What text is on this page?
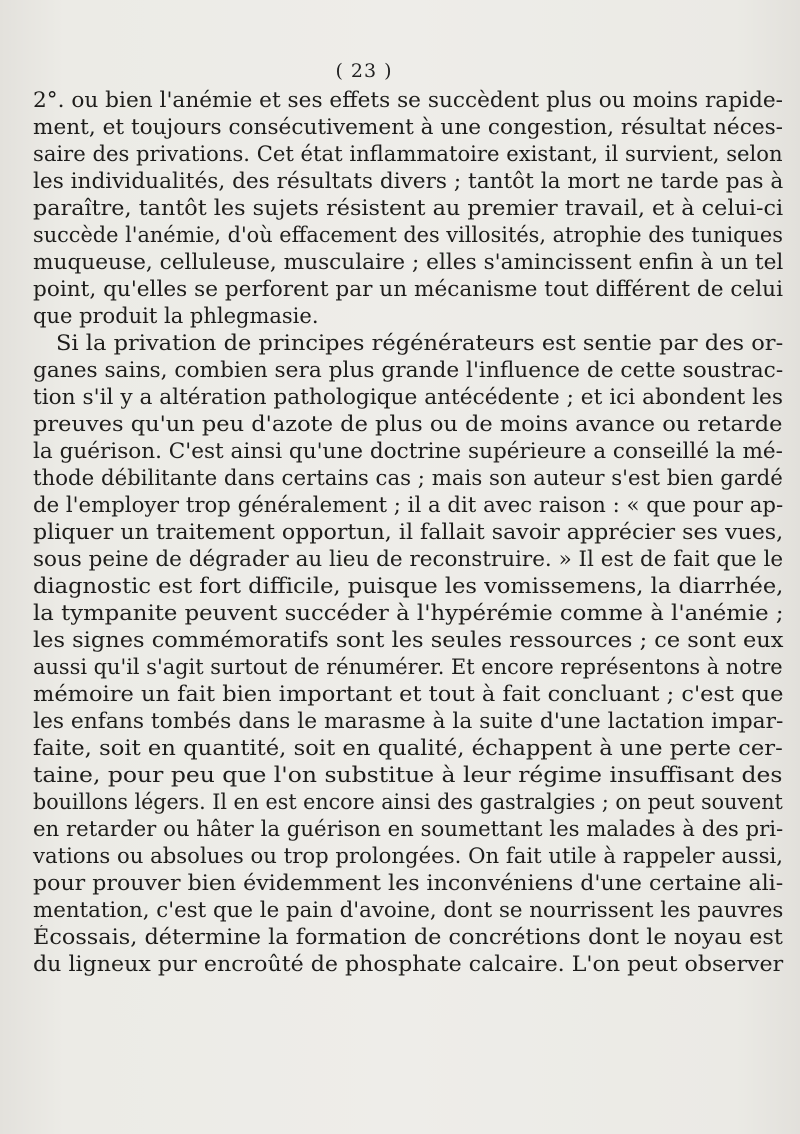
( 23 )
2°. ou bien l'anémie et ses effets se succèdent plus ou moins rapide-
ment, et toujours consécutivement à une congestion, résultat néces-
saire des privations. Cet état inflammatoire existant, il survient, selon
les individualités, des résultats divers ; tantôt la mort ne tarde pas à
paraître, tantôt les sujets résistent au premier travail, et à celui-ci
succède l'anémie, d'où effacement des villosités, atrophie des tuniques
muqueuse, celluleuse, musculaire ; elles s'amincissent enfin à un tel
point, qu'elles se perforent par un mécanisme tout différent de celui
que produit la phlegmasie.
Si la privation de principes régénérateurs est sentie par des or-
ganes sains, combien sera plus grande l'influence de cette soustrac-
tion s'il y a altération pathologique antécédente ; et ici abondent les
preuves qu'un peu d'azote de plus ou de moins avance ou retarde
la guérison. C'est ainsi qu'une doctrine supérieure a conseillé la mé-
thode débilitante dans certains cas ; mais son auteur s'est bien gardé
de l'employer trop généralement ; il a dit avec raison : « que pour ap-
pliquer un traitement opportun, il fallait savoir apprécier ses vues,
sous peine de dégrader au lieu de reconstruire. » Il est de fait que le
diagnostic est fort difficile, puisque les vomissemens, la diarrhée,
la tympanite peuvent succéder à l'hypérémie comme à l'anémie ;
les signes commémoratifs sont les seules ressources ; ce sont eux
aussi qu'il s'agit surtout de rénumérer. Et encore représentons à notre
mémoire un fait bien important et tout à fait concluant ; c'est que
les enfans tombés dans le marasme à la suite d'une lactation impar-
faite, soit en quantité, soit en qualité, échappent à une perte cer-
taine, pour peu que l'on substitue à leur régime insuffisant des
bouillons légers. Il en est encore ainsi des gastralgies ; on peut souvent
en retarder ou hâter la guérison en soumettant les malades à des pri-
vations ou absolues ou trop prolongées. On fait utile à rappeler aussi,
pour prouver bien évidemment les inconvéniens d'une certaine ali-
mentation, c'est que le pain d'avoine, dont se nourrissent les pauvres
Écossais, détermine la formation de concrétions dont le noyau est
du ligneux pur encroûté de phosphate calcaire. L'on peut observer
